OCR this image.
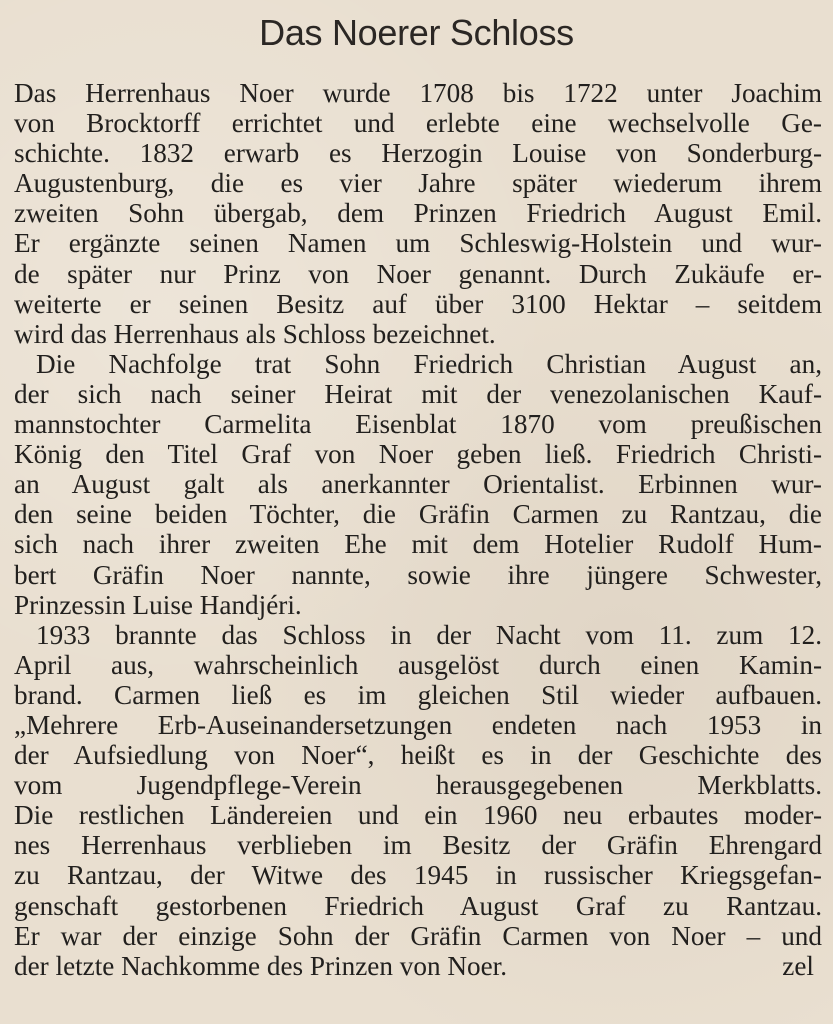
Das Noerer Schloss
Das Herrenhaus Noer wurde 1708 bis 1722 unter Joachim
von Brocktorff errichtet und erlebte eine wechselvolle Ge-
schichte. 1832 erwarb es Herzogin Louise von Sonderburg-
Augustenburg, die es vier Jahre später wiederum ihrem
zweiten Sohn übergab, dem Prinzen Friedrich August Emil.
Er ergänzte seinen Namen um Schleswig-Holstein und wur-
de später nur Prinz von Noer genannt. Durch Zukäufe er-
weiterte er seinen Besitz auf über 3100 Hektar – seitdem
wird das Herrenhaus als Schloss bezeichnet.
Die Nachfolge trat Sohn Friedrich Christian August an,
der sich nach seiner Heirat mit der venezolanischen Kauf-
mannstochter Carmelita Eisenblat 1870 vom preußischen
König den Titel Graf von Noer geben ließ. Friedrich Christi-
an August galt als anerkannter Orientalist. Erbinnen wur-
den seine beiden Töchter, die Gräfin Carmen zu Rantzau, die
sich nach ihrer zweiten Ehe mit dem Hotelier Rudolf Hum-
bert Gräfin Noer nannte, sowie ihre jüngere Schwester,
Prinzessin Luise Handjéri.
1933 brannte das Schloss in der Nacht vom 11. zum 12.
April aus, wahrscheinlich ausgelöst durch einen Kamin-
brand. Carmen ließ es im gleichen Stil wieder aufbauen.
„Mehrere Erb-Auseinandersetzungen endeten nach 1953 in
der Aufsiedlung von Noer“, heißt es in der Geschichte des
vom Jugendpflege-Verein herausgegebenen Merkblatts.
Die restlichen Ländereien und ein 1960 neu erbautes moder-
nes Herrenhaus verblieben im Besitz der Gräfin Ehrengard
zu Rantzau, der Witwe des 1945 in russischer Kriegsgefan-
genschaft gestorbenen Friedrich August Graf zu Rantzau.
Er war der einzige Sohn der Gräfin Carmen von Noer – und
der letzte Nachkomme des Prinzen von Noer.	zel
